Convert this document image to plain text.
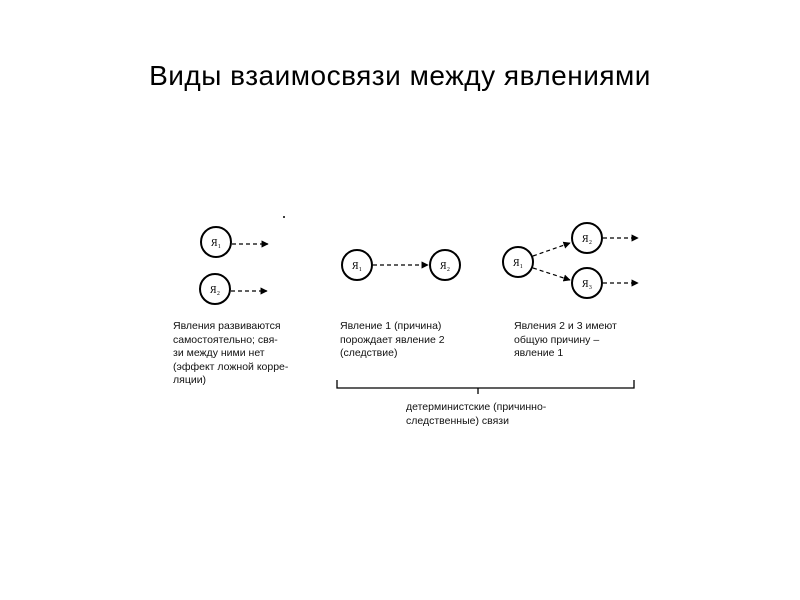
Виды взаимосвязи между явлениями
Я₁
Я₂
Я₁	Я₂	Я₁
Я₂
Я₃
Явления развиваются
самостоятельно; свя-
зи между ними нет
(эффект ложной корре-
ляции)
Явление 1 (причина)
порождает явление 2
(следствие)
Явления 2 и 3 имеют
общую причину –
явление 1
детерминистские (причинно-
следственные) связи
